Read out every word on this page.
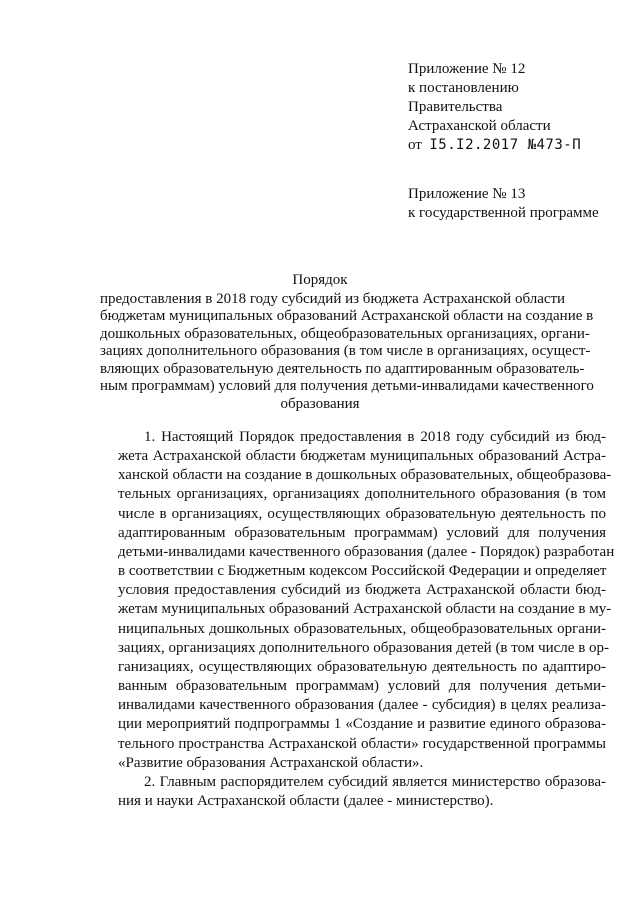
Приложение № 12
к постановлению
Правительства
Астраханской области
от I5.I2.2017 №473-П
Приложение № 13
к государственной программе
Порядок
предоставления в 2018 году субсидий из бюджета Астраханской области
бюджетам муниципальных образований Астраханской области на создание в
дошкольных образовательных, общеобразовательных организациях, органи-
зациях дополнительного образования (в том числе в организациях, осущест-
вляющих образовательную деятельность по адаптированным образователь-
ным программам) условий для получения детьми-инвалидами качественного
образования
1. Настоящий Порядок предоставления в 2018 году субсидий из бюд-
жета Астраханской области бюджетам муниципальных образований Астра-
ханской области на создание в дошкольных образовательных, общеобразова-
тельных организациях, организациях дополнительного образования (в том
числе в организациях, осуществляющих образовательную деятельность по
адаптированным образовательным программам) условий для получения
детьми-инвалидами качественного образования (далее - Порядок) разработан
в соответствии с Бюджетным кодексом Российской Федерации и определяет
условия предоставления субсидий из бюджета Астраханской области бюд-
жетам муниципальных образований Астраханской области на создание в му-
ниципальных дошкольных образовательных, общеобразовательных органи-
зациях, организациях дополнительного образования детей (в том числе в ор-
ганизациях, осуществляющих образовательную деятельность по адаптиро-
ванным образовательным программам) условий для получения детьми-
инвалидами качественного образования (далее - субсидия) в целях реализа-
ции мероприятий подпрограммы 1 «Создание и развитие единого образова-
тельного пространства Астраханской области» государственной программы
«Развитие образования Астраханской области».
2. Главным распорядителем субсидий является министерство образова-
ния и науки Астраханской области (далее - министерство).
